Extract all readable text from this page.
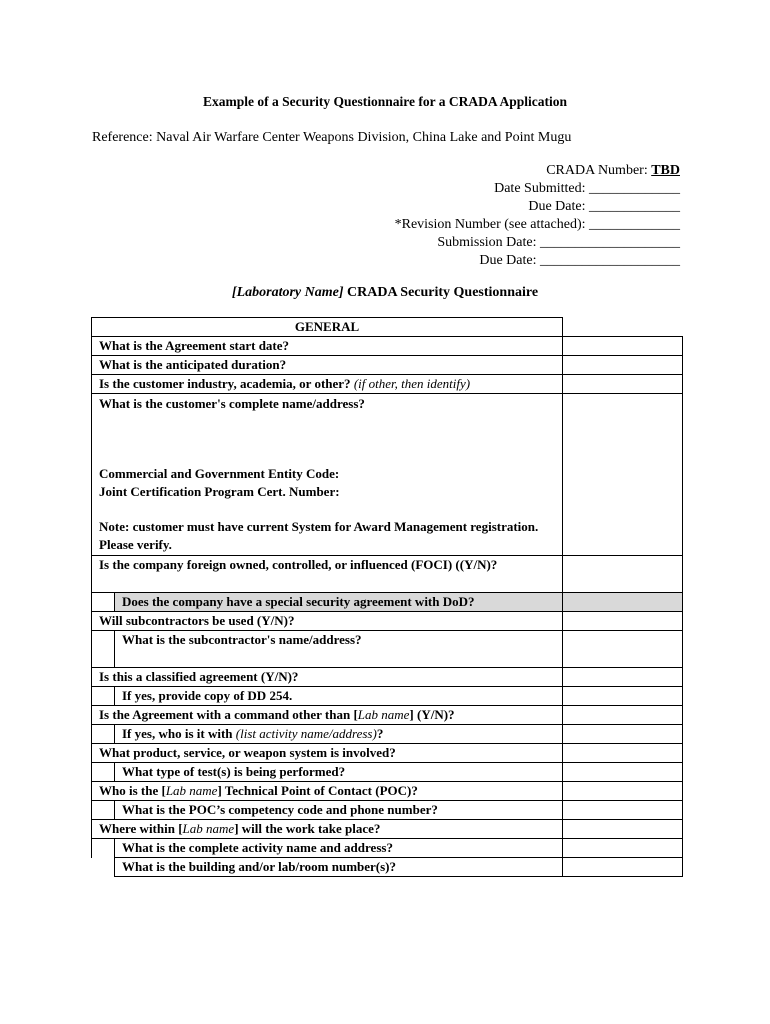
Example of a Security Questionnaire for a CRADA Application
Reference: Naval Air Warfare Center Weapons Division, China Lake and Point Mugu
CRADA Number: TBD
Date Submitted: _____________
Due Date: _____________
*Revision Number (see attached): _____________
Submission Date: ____________________
Due Date: ____________________
[Laboratory Name] CRADA Security Questionnaire
GENERAL		
What is the Agreement start date?		
What is the anticipated duration?		
Is the customer industry, academia, or other? (if other, then identify)		

What is the customer's complete name/address?
Commercial and Government Entity Code:
Joint Certification Program Cert. Number:
Note: customer must have current System for Award Management registration. Please verify.		

Is the company foreign owned, controlled, or influenced (FOCI) ((Y/N)?		
	Does the company have a special security agreement with DoD?	
Will subcontractors be used (Y/N)?		
	What is the subcontractor's name/address?	
Is this a classified agreement (Y/N)?		
	If yes, provide copy of DD 254.	
Is the Agreement with a command other than [Lab name] (Y/N)?		
	If yes, who is it with (list activity name/address)?	
What product, service, or weapon system is involved?		
	What type of test(s) is being performed?	
Who is the [Lab name] Technical Point of Contact (POC)?		
	What is the POC’s competency code and phone number?	
Where within [Lab name] will the work take place?		
	What is the complete activity name and address?	
	What is the building and/or lab/room number(s)?	
